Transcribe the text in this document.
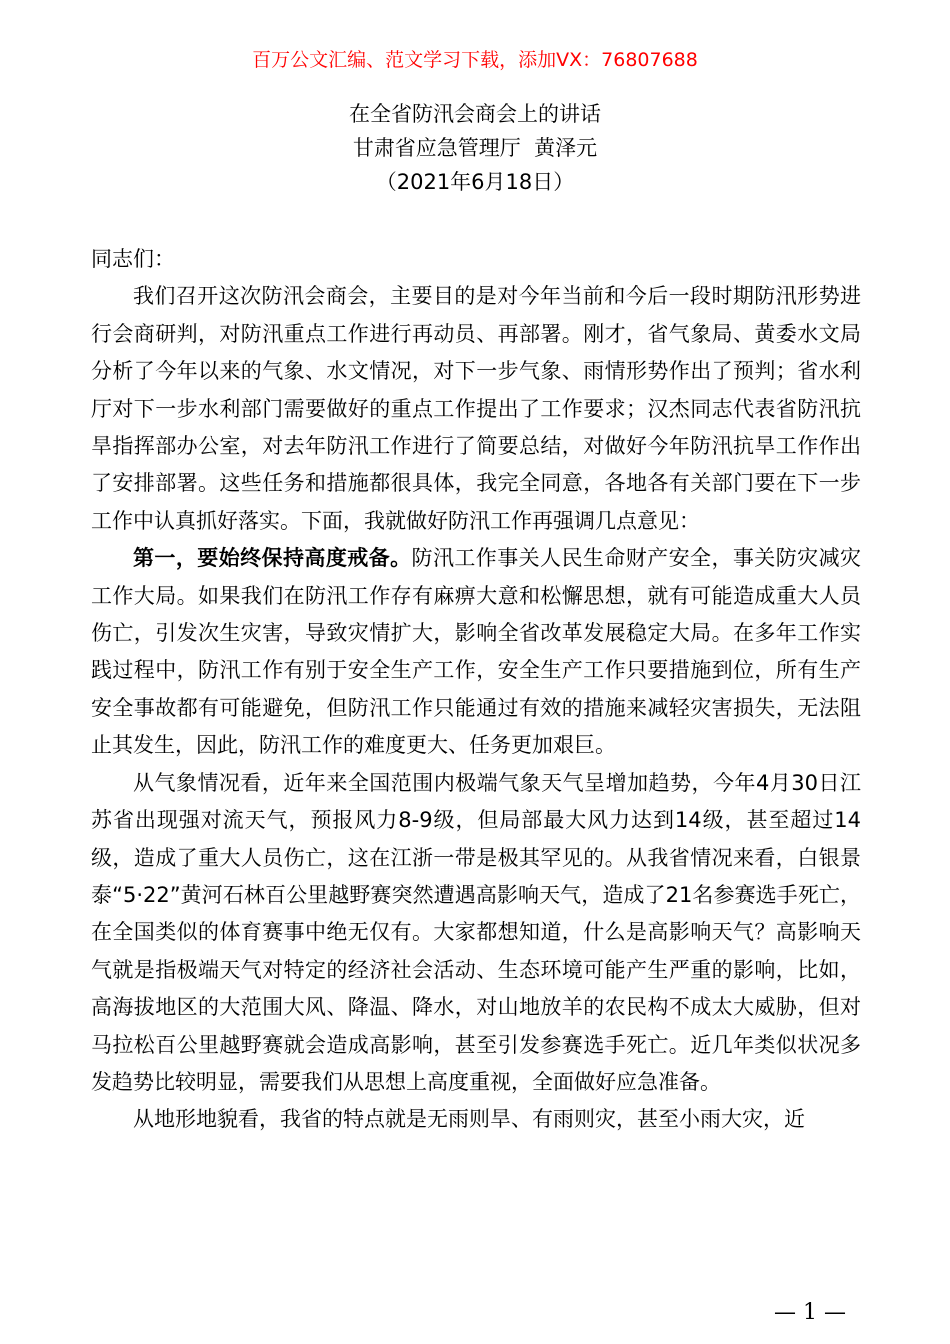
百万公文汇编、范文学习下载，添加VX：76807688
在全省防汛会商会上的讲话
甘肃省应急管理厅  黄泽元
（2021年6月18日）

同志们：

我们召开这次防汛会商会，主要目的是对今年当前和今后一段时期防汛形势进行会商研判，对防汛重点工作进行再动员、再部署。刚才，省气象局、黄委水文局分析了今年以来的气象、水文情况，对下一步气象、雨情形势作出了预判；省水利厅对下一步水利部门需要做好的重点工作提出了工作要求；汉杰同志代表省防汛抗旱指挥部办公室，对去年防汛工作进行了简要总结，对做好今年防汛抗旱工作作出了安排部署。这些任务和措施都很具体，我完全同意，各地各有关部门要在下一步工作中认真抓好落实。下面，我就做好防汛工作再强调几点意见：

第一，要始终保持高度戒备。防汛工作事关人民生命财产安全，事关防灾减灾工作大局。如果我们在防汛工作存有麻痹大意和松懈思想，就有可能造成重大人员伤亡，引发次生灾害，导致灾情扩大，影响全省改革发展稳定大局。在多年工作实践过程中，防汛工作有别于安全生产工作，安全生产工作只要措施到位，所有生产安全事故都有可能避免，但防汛工作只能通过有效的措施来减轻灾害损失，无法阻止其发生，因此，防汛工作的难度更大、任务更加艰巨。

从气象情况看，近年来全国范围内极端气象天气呈增加趋势，今年4月30日江苏省出现强对流天气，预报风力8-9级，但局部最大风力达到14级，甚至超过14级，造成了重大人员伤亡，这在江浙一带是极其罕见的。从我省情况来看，白银景泰“5·22”黄河石林百公里越野赛突然遭遇高影响天气，造成了21名参赛选手死亡，在全国类似的体育赛事中绝无仅有。大家都想知道，什么是高影响天气？高影响天气就是指极端天气对特定的经济社会活动、生态环境可能产生严重的影响，比如，高海拔地区的大范围大风、降温、降水，对山地放羊的农民构不成太大威胁，但对马拉松百公里越野赛就会造成高影响，甚至引发参赛选手死亡。近几年类似状况多发趋势比较明显，需要我们从思想上高度重视，全面做好应急准备。

从地形地貌看，我省的特点就是无雨则旱、有雨则灾，甚至小雨大灾，近

— 1 —
